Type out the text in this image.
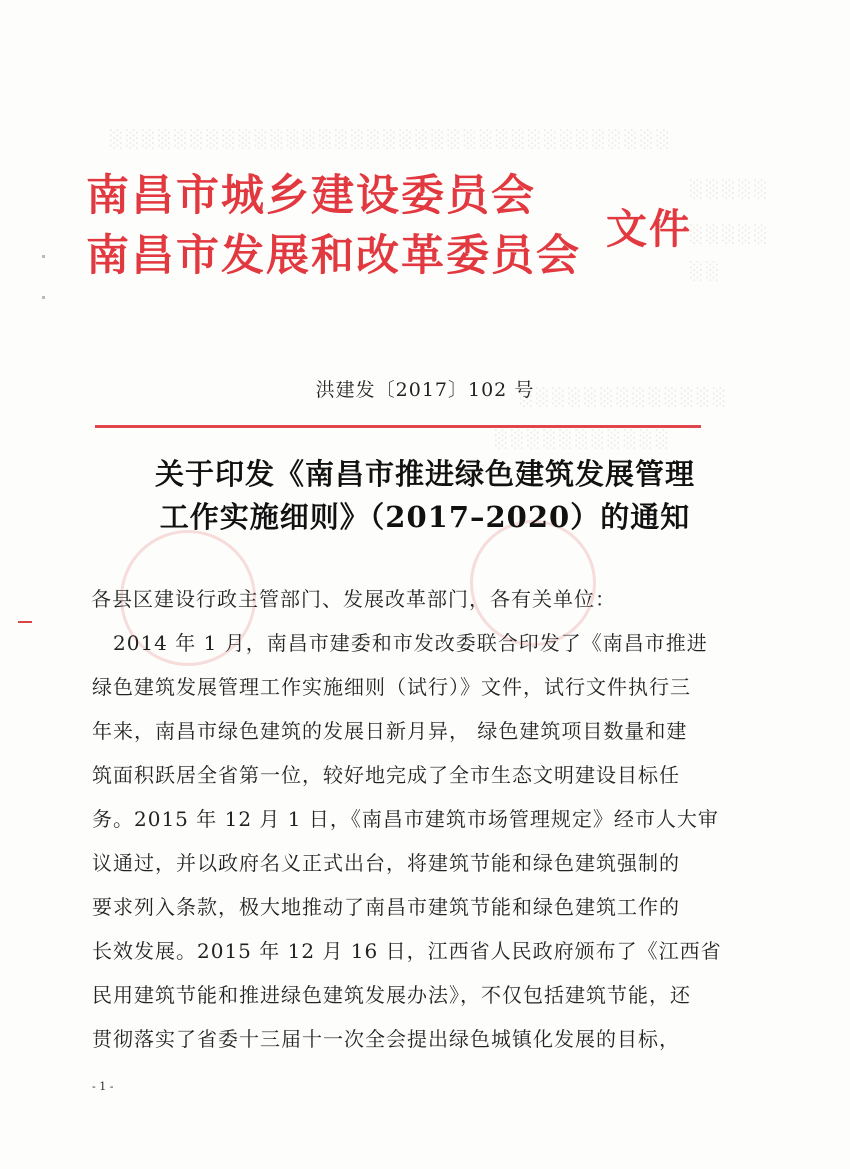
░░░░░░░░░░░░░░░░░░░░░░░░░░░░░░░░░░░
░░░░░
░░░░░
░░
░░░░░░░░░░░░░
░░░░░░░░░░░
南昌市城乡建设委员会
南昌市发展和改革委员会
文件
洪建发〔2017〕102 号
关于印发《南昌市推进绿色建筑发展管理
工作实施细则》（2017–2020）的通知
各县区建设行政主管部门、发展改革部门，各有关单位：
　2014 年 1 月，南昌市建委和市发改委联合印发了《南昌市推进
绿色建筑发展管理工作实施细则（试行）》文件，试行文件执行三
年来，南昌市绿色建筑的发展日新月异， 绿色建筑项目数量和建
筑面积跃居全省第一位，较好地完成了全市生态文明建设目标任
务。2015 年 12 月 1 日，《南昌市建筑市场管理规定》经市人大审
议通过，并以政府名义正式出台，将建筑节能和绿色建筑强制的
要求列入条款，极大地推动了南昌市建筑节能和绿色建筑工作的
长效发展。2015 年 12 月 16 日，江西省人民政府颁布了《江西省
民用建筑节能和推进绿色建筑发展办法》，不仅包括建筑节能，还
贯彻落实了省委十三届十一次全会提出绿色城镇化发展的目标，
- 1 -
